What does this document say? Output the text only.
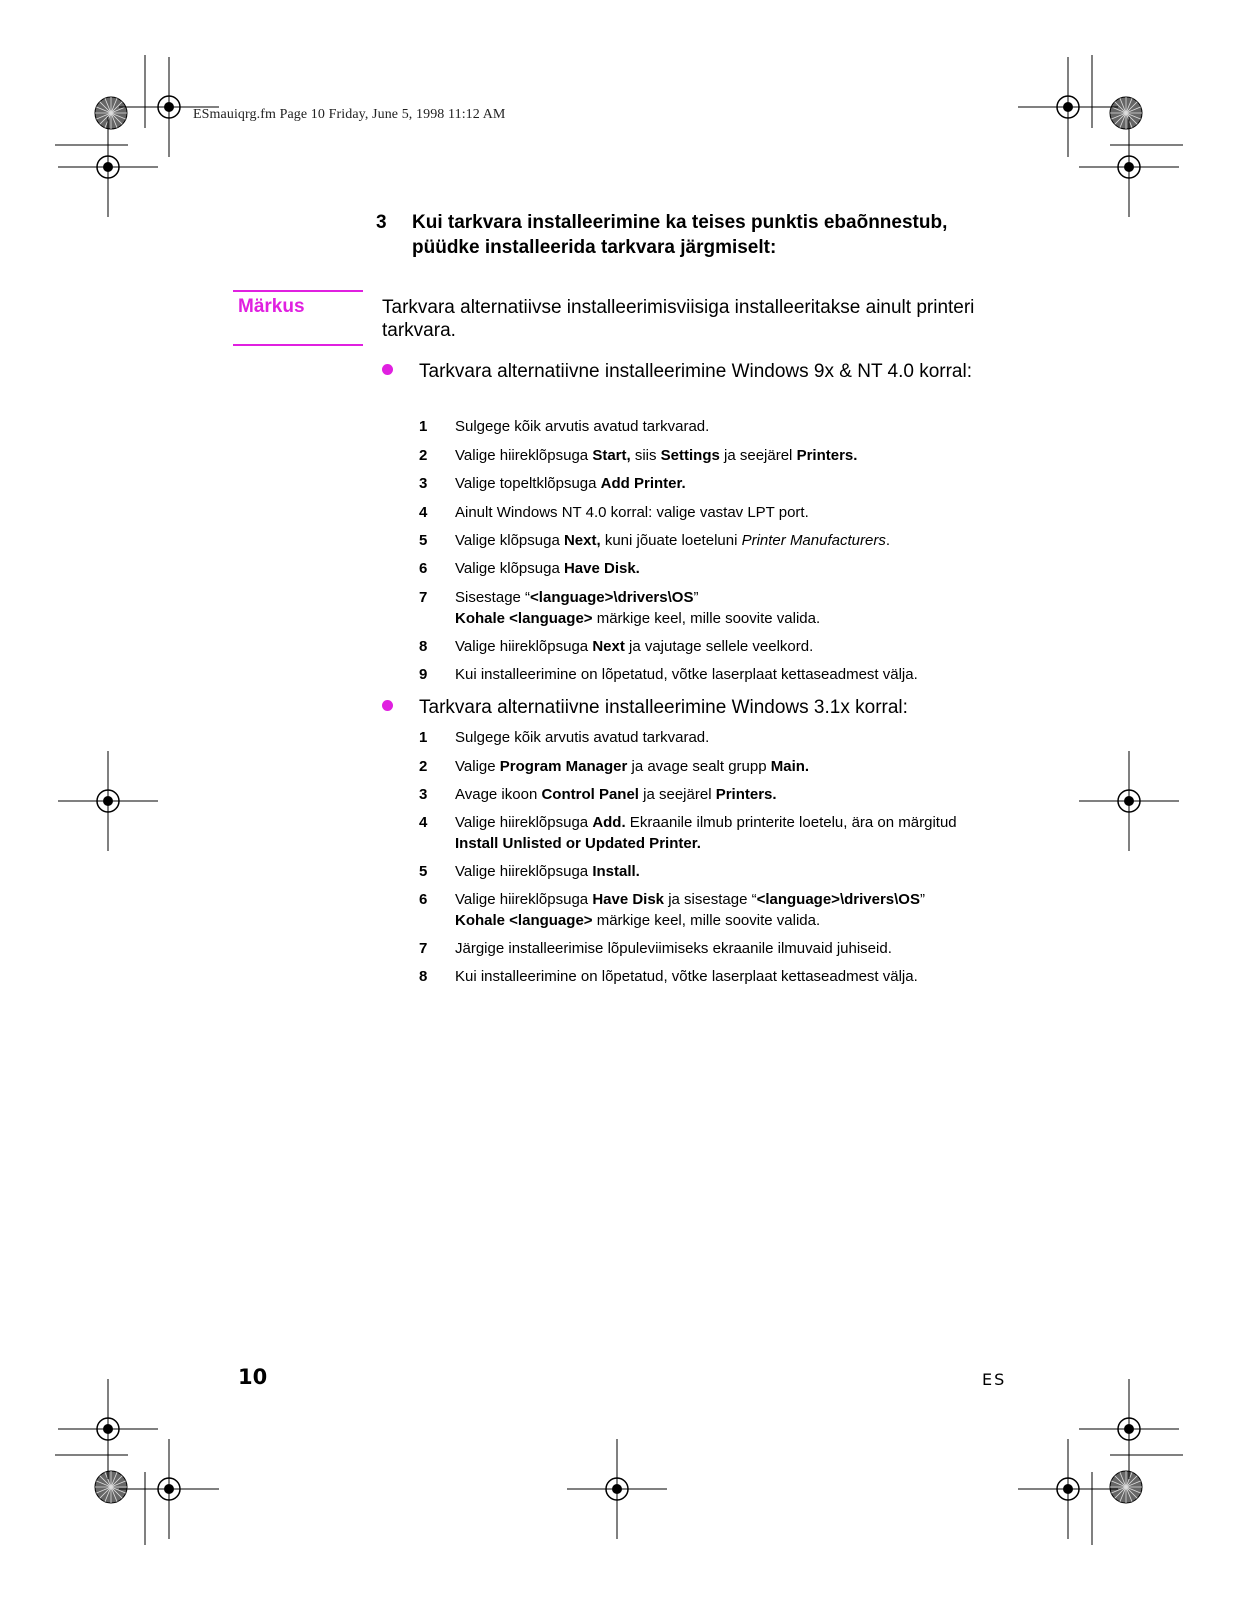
ESmauiqrg.fm Page 10 Friday, June 5, 1998 11:12 AM
3 Kui tarkvara installeerimine ka teises punktis ebaõnnestub, püüdke installeerida tarkvara järgmiselt:
Märkus	Tarkvara alternatiivse installeerimisviisiga installeeritakse ainult printeri tarkvara.
Tarkvara alternatiivne installeerimine Windows 9x & NT 4.0 korral:
1 Sulgege kõik arvutis avatud tarkvarad.
2 Valige hiireklõpsuga Start, siis Settings ja seejärel Printers.
3 Valige topeltklõpsuga Add Printer.
4 Ainult Windows NT 4.0 korral: valige vastav LPT port.
5 Valige klõpsuga Next, kuni jõuate loeteluni Printer Manufacturers.
6 Valige klõpsuga Have Disk.
7 Sisestage “<language>\drivers\OS”
Kohale <language> märkige keel, mille soovite valida.
8 Valige hiireklõpsuga Next ja vajutage sellele veelkord.
9 Kui installeerimine on lõpetatud, võtke laserplaat kettaseadmest välja.
Tarkvara alternatiivne installeerimine Windows 3.1x korral:
1 Sulgege kõik arvutis avatud tarkvarad.
2 Valige Program Manager ja avage sealt grupp Main.
3 Avage ikoon Control Panel ja seejärel Printers.
4 Valige hiireklõpsuga Add. Ekraanile ilmub printerite loetelu, ära on märgitud
Install Unlisted or Updated Printer.
5 Valige hiireklõpsuga Install.
6 Valige hiireklõpsuga Have Disk ja sisestage “<language>\drivers\OS”
Kohale <language> märkige keel, mille soovite valida.
7 Järgige installeerimise lõpuleviimiseks ekraanile ilmuvaid juhiseid.
8 Kui installeerimine on lõpetatud, võtke laserplaat kettaseadmest välja.
10	ES
